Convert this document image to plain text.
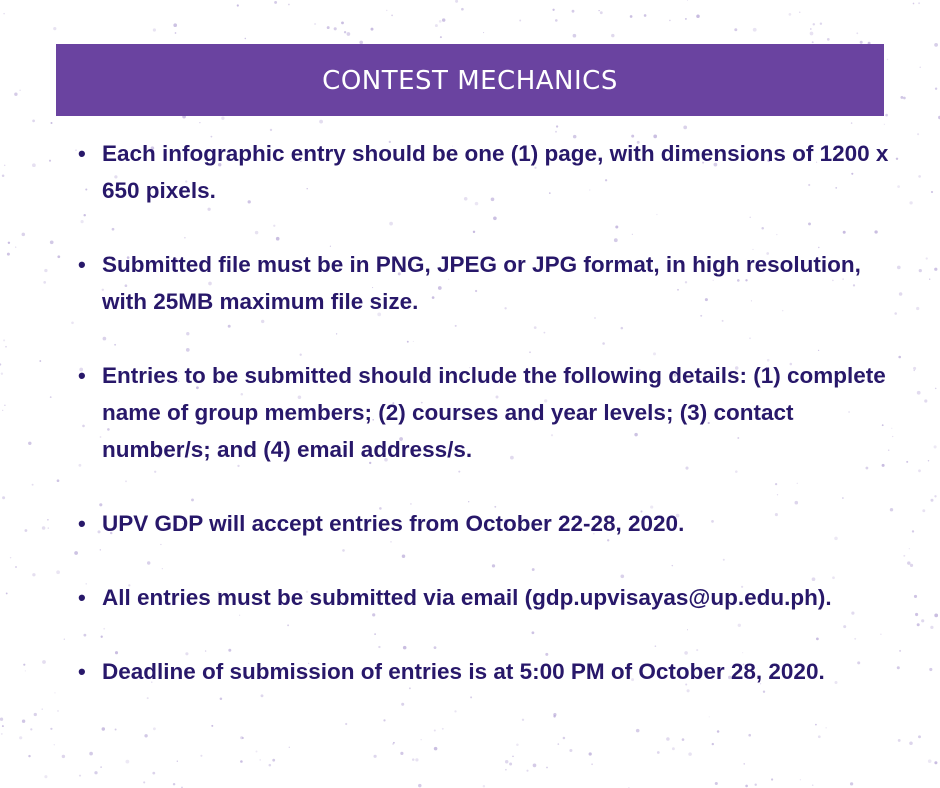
CONTEST MECHANICS
• Each infographic entry should be one (1) page, with dimensions of 1200 x 650 pixels.
• Submitted file must be in PNG, JPEG or JPG format, in high resolution, with 25MB maximum file size.
• Entries to be submitted should include the following details: (1) complete name of group members; (2) courses and year levels; (3) contact number/s; and (4) email address/s.
• UPV GDP will accept entries from October 22-28, 2020.
• All entries must be submitted via email (gdp.upvisayas@up.edu.ph).
• Deadline of submission of entries is at 5:00 PM of October 28, 2020.
